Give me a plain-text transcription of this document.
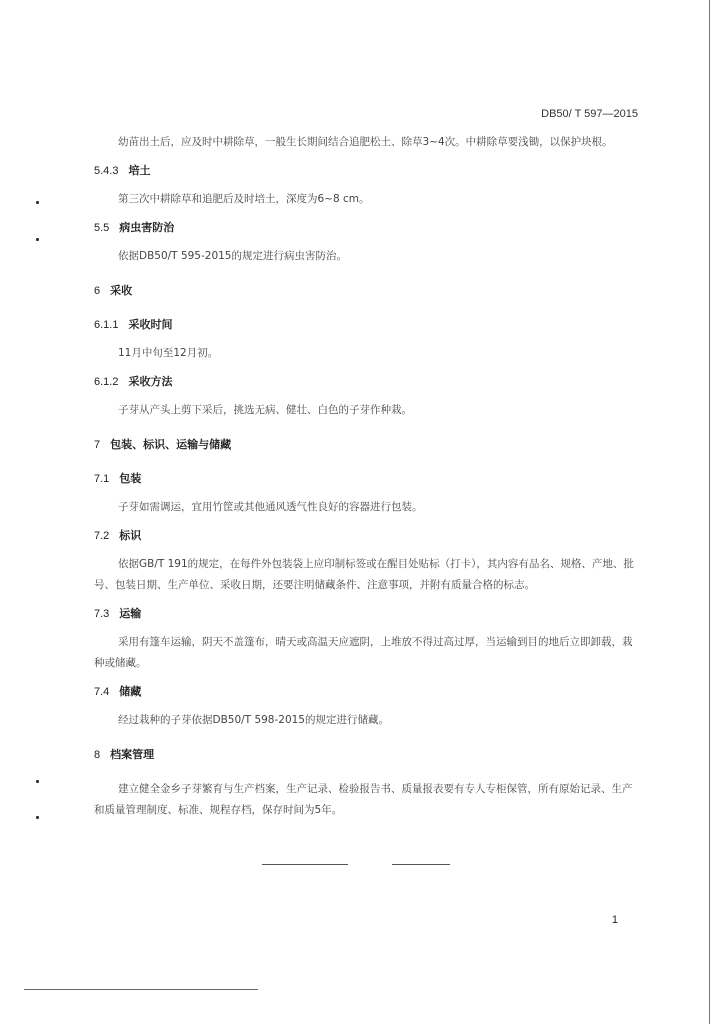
DB50/ T 597—2015

幼苗出土后，应及时中耕除草，一般生长期间结合追肥松土、除草3~4次。中耕除草要浅锄，以保护块根。

5.4.3 培土

第三次中耕除草和追肥后及时培土，深度为6~8 cm。

5.5 病虫害防治

依据DB50/T 595-2015的规定进行病虫害防治。

6 采收

6.1.1 采收时间

11月中旬至12月初。

6.1.2 采收方法

子芽从产头上剪下采后，挑选无病、健壮、白色的子芽作种栽。

7 包装、标识、运输与储藏

7.1 包装

子芽如需调运，宜用竹筐或其他通风透气性良好的容器进行包装。

7.2 标识

依据GB/T 191的规定，在每件外包装袋上应印制标签或在醒目处贴标（打卡），其内容有品名、规格、产地、批号、包装日期、生产单位、采收日期，还要注明储藏条件、注意事项，并附有质量合格的标志。

7.3 运输

采用有篷车运输，阴天不盖篷布，晴天或高温天应遮阴，上堆放不得过高过厚，当运输到目的地后立即卸载，栽种或储藏。

7.4 储藏

经过栽种的子芽依据DB50/T 598-2015的规定进行储藏。

8 档案管理

建立健全金乡子芽繁育与生产档案，生产记录、检验报告书、质量报表要有专人专柜保管，所有原始记录、生产和质量管理制度、标准、规程存档，保存时间为5年。

1
